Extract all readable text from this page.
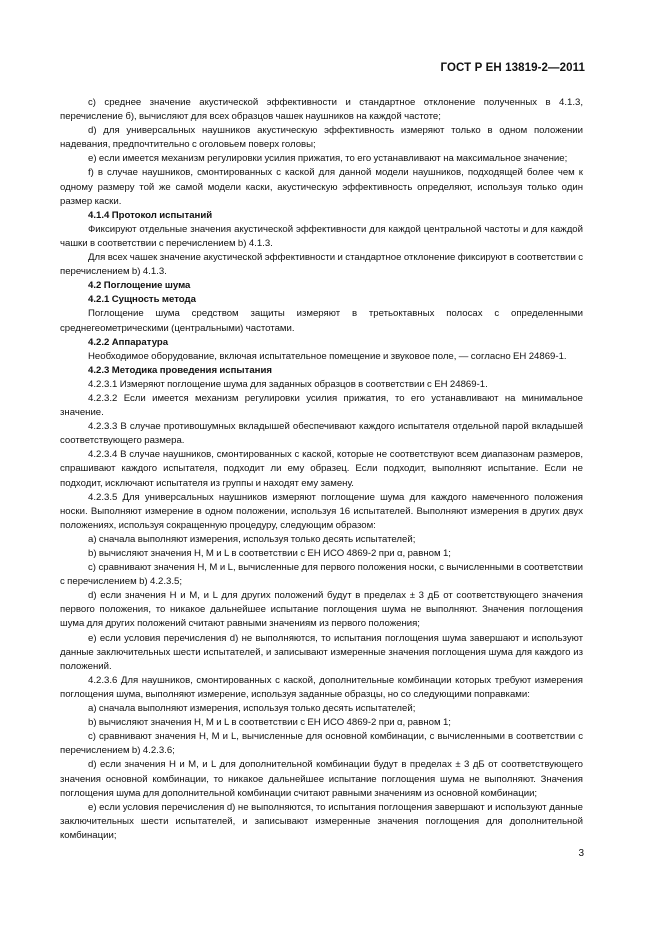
ГОСТ Р ЕН 13819-2—2011

c) среднее значение акустической эффективности и стандартное отклонение полученных в 4.1.3, перечисление б), вычисляют для всех образцов чашек наушников на каждой частоте;

d) для универсальных наушников акустическую эффективность измеряют только в одном положении надевания, предпочтительно с оголовьем поверх головы;

e) если имеется механизм регулировки усилия прижатия, то его устанавливают на максимальное значение;

f) в случае наушников, смонтированных с каской для данной модели наушников, подходящей более чем к одному размеру той же самой модели каски, акустическую эффективность определяют, используя только один размер каски.

4.1.4 Протокол испытаний

Фиксируют отдельные значения акустической эффективности для каждой центральной частоты и для каждой чашки в соответствии с перечислением b) 4.1.3.

Для всех чашек значение акустической эффективности и стандартное отклонение фиксируют в соответствии с перечислением b) 4.1.3.

4.2 Поглощение шума

4.2.1 Сущность метода

Поглощение шума средством защиты измеряют в третьоктавных полосах с определенными среднегеометрическими (центральными) частотами.

4.2.2 Аппаратура

Необходимое оборудование, включая испытательное помещение и звуковое поле, — согласно ЕН 24869-1.

4.2.3 Методика проведения испытания

4.2.3.1 Измеряют поглощение шума для заданных образцов в соответствии с ЕН 24869-1.

4.2.3.2 Если имеется механизм регулировки усилия прижатия, то его устанавливают на минимальное значение.

4.2.3.3 В случае противошумных вкладышей обеспечивают каждого испытателя отдельной парой вкладышей соответствующего размера.

4.2.3.4 В случае наушников, смонтированных с каской, которые не соответствуют всем диапазонам размеров, спрашивают каждого испытателя, подходит ли ему образец. Если подходит, выполняют испытание. Если не подходит, исключают испытателя из группы и находят ему замену.

4.2.3.5 Для универсальных наушников измеряют поглощение шума для каждого намеченного положения носки. Выполняют измерение в одном положении, используя 16 испытателей. Выполняют измерения в других двух положениях, используя сокращенную процедуру, следующим образом:

a) сначала выполняют измерения, используя только десять испытателей;

b) вычисляют значения H, M и L в соответствии с ЕН ИСО 4869-2 при α, равном 1;

c) сравнивают значения H, M и L, вычисленные для первого положения носки, с вычисленными в соответствии с перечислением b) 4.2.3.5;

d) если значения H и M, и L для других положений будут в пределах ± 3 дБ от соответствующего значения первого положения, то никакое дальнейшее испытание поглощения шума не выполняют. Значения поглощения шума для других положений считают равными значениям из первого положения;

e) если условия перечисления d) не выполняются, то испытания поглощения шума завершают и используют данные заключительных шести испытателей, и записывают измеренные значения поглощения шума для каждого из положений.

4.2.3.6 Для наушников, смонтированных с каской, дополнительные комбинации которых требуют измерения поглощения шума, выполняют измерение, используя заданные образцы, но со следующими поправками:

a) сначала выполняют измерения, используя только десять испытателей;

b) вычисляют значения H, M и L в соответствии с ЕН ИСО 4869-2 при α, равном 1;

c) сравнивают значения H, M и L, вычисленные для основной комбинации, с вычисленными в соответствии с перечислением b) 4.2.3.6;

d) если значения H и M, и L для дополнительной комбинации будут в пределах ± 3 дБ от соответствующего значения основной комбинации, то никакое дальнейшее испытание поглощения шума не выполняют. Значения поглощения шума для дополнительной комбинации считают равными значениям из основной комбинации;

e) если условия перечисления d) не выполняются, то испытания поглощения завершают и используют данные заключительных шести испытателей, и записывают измеренные значения поглощения для дополнительной комбинации;

3
